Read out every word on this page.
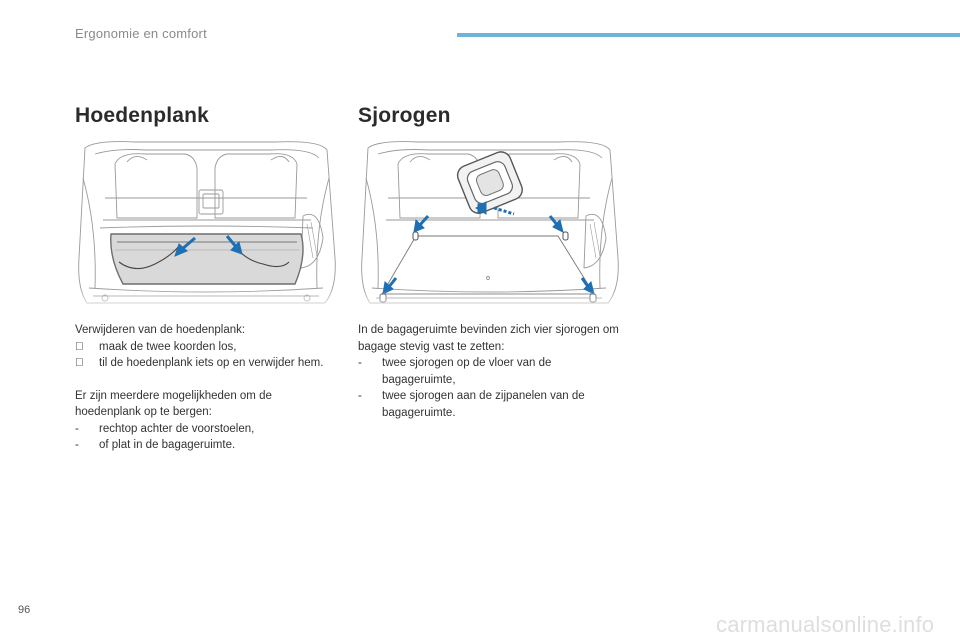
Ergonomie en comfort
Hoedenplank	Sjorogen

Verwijderen van de hoedenplank:

maak de twee koorden los,
til de hoedenplank iets op en verwijder hem.

Er zijn meerdere mogelijkheden om de hoedenplank op te bergen:

-	rechtop achter de voorstoelen,
-	of plat in de bagageruimte.

In de bagageruimte bevinden zich vier sjorogen om bagage stevig vast te zetten:

-	twee sjorogen op de vloer van de bagageruimte,
-	twee sjorogen aan de zijpanelen van de bagageruimte.
96
carmanualsonline.info
